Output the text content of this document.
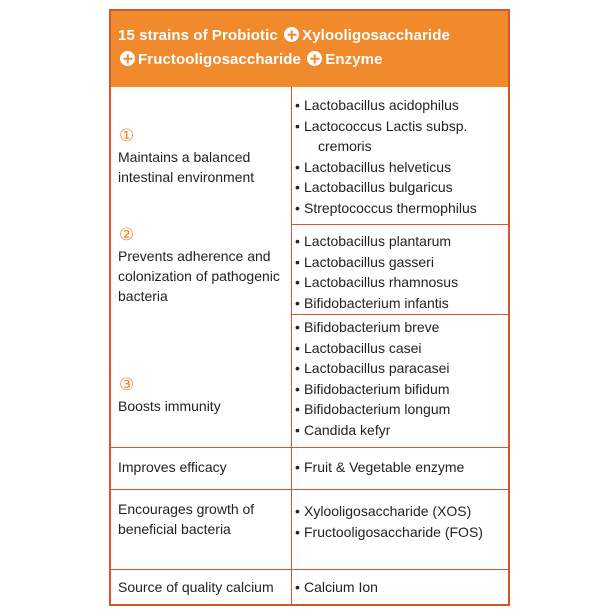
15 strains of Probiotic Xylooligosaccharide
Fructooligosaccharide Enzyme
①
Maintains a balanced intestinal environment
• Lactobacillus acidophilus
• Lactococcus Lactis subsp.
cremoris
• Lactobacillus helveticus
• Lactobacillus bulgaricus
• Streptococcus thermophilus
②
Prevents adherence and colonization of pathogenic bacteria
• Lactobacillus plantarum
• Lactobacillus gasseri
• Lactobacillus rhamnosus
• Bifidobacterium infantis
③
Boosts immunity
• Bifidobacterium breve
• Lactobacillus casei
• Lactobacillus paracasei
• Bifidobacterium bifidum
• Bifidobacterium longum
• Candida kefyr
Improves efficacy	• Fruit & Vegetable enzyme
Encourages growth of beneficial bacteria
• Xylooligosaccharide (XOS)
• Fructooligosaccharide (FOS)
Source of quality calcium	• Calcium Ion
